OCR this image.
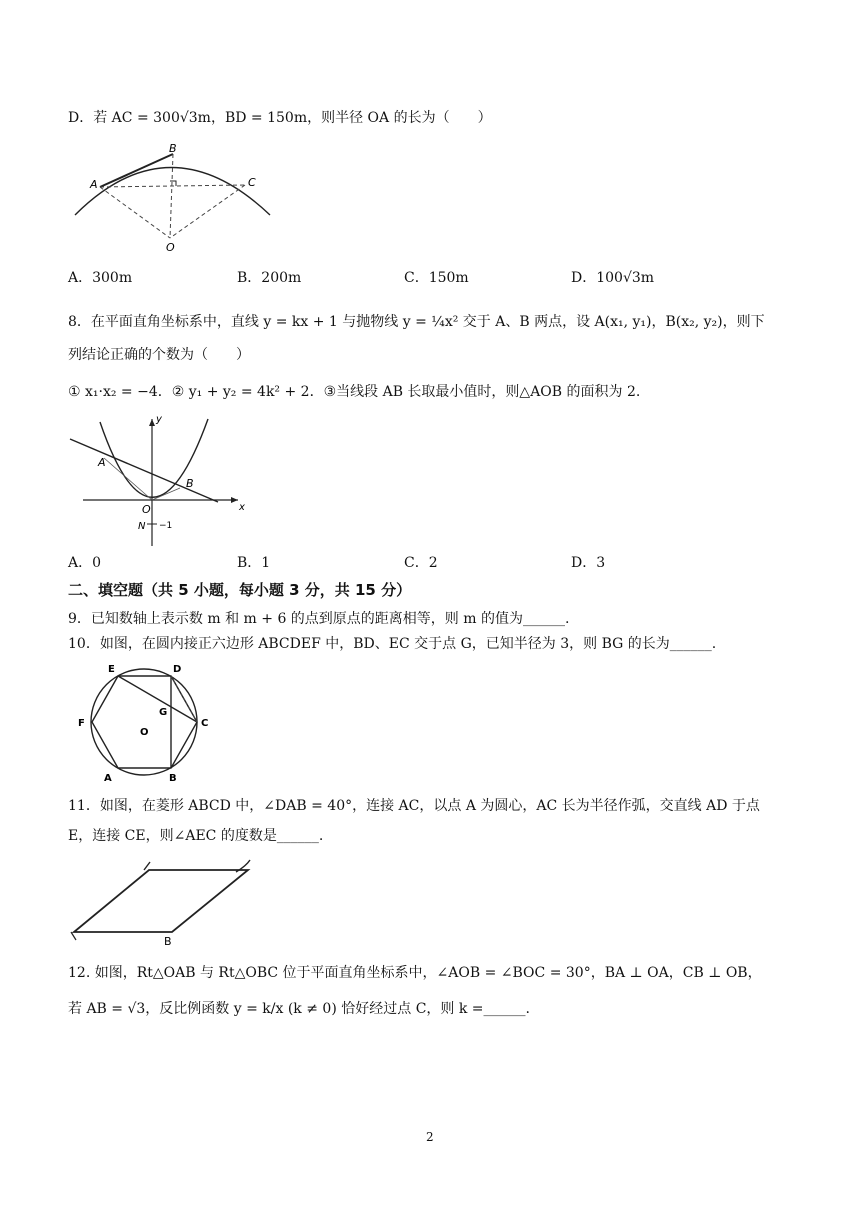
D．若 AC = 300√3m，BD = 150m，则半径 OA 的长为（　　）
A
B
C
O
A．300m	B．200m	C．150m	D．100√3m
8．在平面直角坐标系中，直线 y = kx + 1 与抛物线 y = ¼x² 交于 A、B 两点，设 A(x₁, y₁)，B(x₂, y₂)，则下
列结论正确的个数为（　　）
① x₁·x₂ = −4．② y₁ + y₂ = 4k² + 2．③当线段 AB 长取最小值时，则△AOB 的面积为 2.
y
x
A
B
O
N −1
A．0	B．1	C．2	D．3
二、填空题（共 5 小题，每小题 3 分，共 15 分）
9．已知数轴上表示数 m 和 m + 6 的点到原点的距离相等，则 m 的值为______.
10．如图，在圆内接正六边形 ABCDEF 中，BD、EC 交于点 G，已知半径为 3，则 BG 的长为______.
E	D
F
O
G
C
A	B
11．如图，在菱形 ABCD 中，∠DAB = 40°，连接 AC，以点 A 为圆心，AC 长为半径作弧，交直线 AD 于点
E，连接 CE，则∠AEC 的度数是______.
B
12. 如图，Rt△OAB 与 Rt△OBC 位于平面直角坐标系中，∠AOB = ∠BOC = 30°，BA ⊥ OA，CB ⊥ OB，
若 AB = √3，反比例函数 y = k/x (k ≠ 0) 恰好经过点 C，则 k =______.
2
